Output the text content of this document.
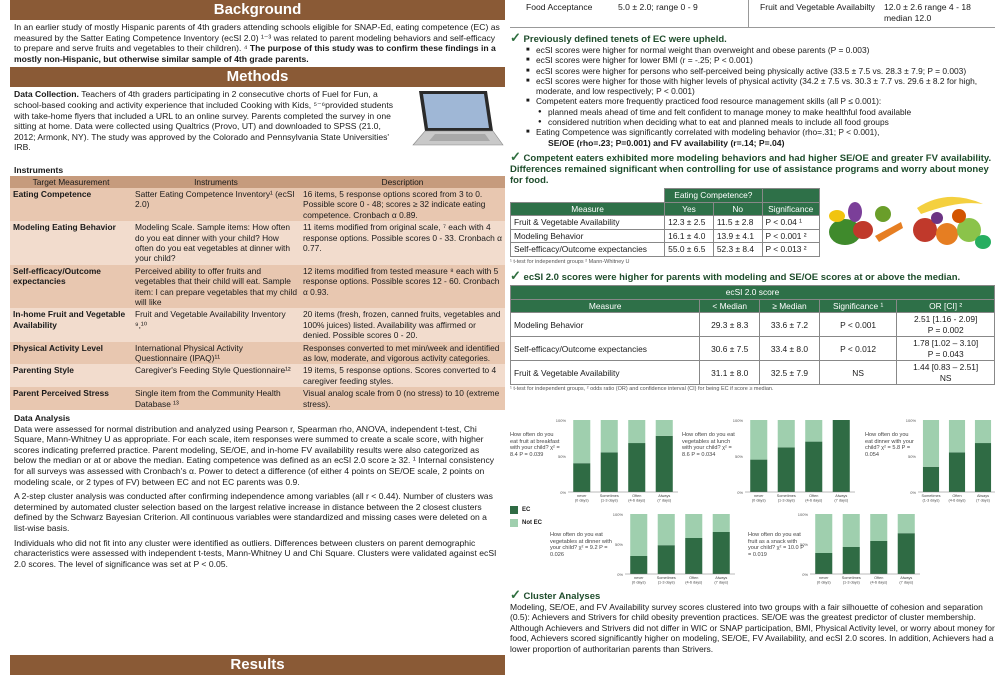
Background

In an earlier study of mostly Hispanic parents of 4th graders attending schools eligible for SNAP-Ed, eating competence (EC) as measured by the Satter Eating Competence Inventory (ecSI 2.0) ¹⁻³ was related to parent modeling behaviors and self-efficacy to prepare and serve fruits and vegetables to their children). ⁴ The purpose of this study was to confirm these findings in a mostly non-Hispanic, but otherwise similar sample of 4th grade parents.

Methods

Data Collection. Teachers of 4th graders participating in 2 consecutive chorts of Fuel for Fun, a school-based cooking and activity experience that included Cooking with Kids, ⁵⁻⁶provided students with take-home flyers that included a URL to an online survey. Parents completed the survey in one sitting at home. Data were collected using Qualtrics (Provo, UT) and downloaded to SPSS (21.0, 2012; Armonk, NY). The study was approved by the Colorado and Pennsylvania State Universities' IRB.

Instruments
Target Measurement	Instruments	Description
Eating Competence	Satter Eating Competence Inventory¹ (ecSI 2.0)	16 items, 5 response options scored from 3 to 0. Possible score 0 - 48; scores ≥ 32 indicate eating competence. Cronbach α 0.89.
Modeling Eating Behavior	Modeling Scale. Sample items: How often do you eat dinner with your child? How often do you eat vegetables at dinner with your child?	11 items modified from original scale, ⁷ each with 4 response options. Possible scores 0 - 33. Cronbach α 0.77.
Self-efficacy/Outcome expectancies	Perceived ability to offer fruits and vegetables that their child will eat. Sample item: I can prepare vegetables that my child will like	12 items modified from tested measure ⁸ each with 5 response options. Possible scores 12 - 60. Cronbach α 0.93.
In-home Fruit and Vegetable Availability	Fruit and Vegetable Availability Inventory ⁹,¹⁰	20 items (fresh, frozen, canned fruits, vegetables and 100% juices) listed. Availability was affirmed or denied. Possible scores 0 - 20.
Physical Activity Level	International Physical Activity Questionnaire (IPAQ)¹¹	Responses converted to met min/week and identified as low, moderate, and vigorous activity categories.
Parenting Style	Caregiver's Feeding Style Questionnaire¹²	19 items, 5 response options. Scores converted to 4 caregiver feeding styles.
Parent Perceived Stress	Single item from the Community Health Database ¹³	Visual analog scale from 0 (no stress) to 10 (extreme stress).
Data Analysis

Data were assessed for normal distribution and analyzed using Pearson r, Spearman rho, ANOVA, independent t-test, Chi Square, Mann-Whitney U as appropriate. For each scale, item responses were summed to create a scale score, with higher scores indicating preferred practice. Parent modeling, SE/OE, and in-home FV availability results were also categorized as below the median or at or above the median. Eating competence was defined as an ecSI 2.0 score ≥ 32. ¹ Internal consistency for all surveys was assessed with Cronbach's α. Power to detect a difference (of either 4 points on SE/OE scale, 2 points on modeling scale, or 2 types of FV) between EC and not EC parents was 0.9.

A 2-step cluster analysis was conducted after confirming independence among variables (all r < 0.44). Number of clusters was determined by automated cluster selection based on the largest relative increase in distance between the 2 closest clusters defined by the Schwarz Bayesian Criterion. All continuous variables were standardized and missing cases were deleted on a list-wise basis.

Individuals who did not fit into any cluster were identified as outliers. Differences between clusters on parent demographic characteristics were assessed with independent t-tests, Mann-Whitney U and Chi Square. Clusters were validated against ecSI 2.0 scores. The level of significance was set at P < 0.05.

Results
Food Acceptance	5.0 ± 2.0; range 0 - 9	Fruit and Vegetable Availabilty 12.0 ± 2.6 range 4 - 18
median 12.0
✓ Previously defined tenets of EC were upheld.
■ ecSI scores were higher for normal weight than overweight and obese parents (P = 0.003)
■ ecSI scores were higher for lower BMI (r = -.25; P < 0.001)
■ ecSI scores were higher for persons who self-perceived being physically active (33.5 ± 7.5 vs. 28.3 ± 7.9; P = 0.003)
■ ecSI scores were higher for those with higher levels of physical activity (34.2 ± 7.5 vs. 30.3 ± 7.7 vs. 29.6 ± 8.2 for high, moderate, and low respectively; P < 0.001)
■ Competent eaters more frequently practiced food resource management skills (all P ≤ 0.001):
● planned meals ahead of time and felt confident to manage money to make healthful food available
● considered nutrition when deciding what to eat and planned meals to include all food groups
■ Eating Competence was significantly correlated with modeling behavior (rho=.31; P < 0.001),
SE/OE (rho=.23; P=0.001) and FV availability (r=.14; P=.04)
✓ Competent eaters exhibited more modeling behaviors and had higher SE/OE and greater FV availability. Differences remained significant when controlling for use of assistance programs and worry about money for food.
	Eating Competence?		
Measure	Yes	No	Significance
Fruit & Vegetable Availability	12.3 ± 2.5	11.5 ± 2.8	P < 0.04 ¹
Modeling Behavior	16.1 ± 4.0	13.9 ± 4.1	P < 0.001 ²
Self-efficacy/Outcome expectancies	55.0 ± 6.5	52.3 ± 8.4	P < 0.013 ²
¹ t-test for independent groups ² Mann-Whitney U
✓ ecSI 2.0 scores were higher for parents with modeling and SE/OE scores at or above the median.
ecSI 2.0 score				
Measure	< Median	≥ Median	Significance ¹	OR [CI] ²
Modeling Behavior	29.3 ± 8.3	33.6 ± 7.2	P < 0.001	2.51 [1.16 - 2.09]
P = 0.002

Self-efficacy/Outcome expectancies	30.6 ± 7.5	33.4 ± 8.0	P < 0.012	1.78 [1.02 – 3.10]
P = 0.043

Fruit & Vegetable Availability	31.1 ± 8.0	32.5 ± 7.9	NS	1.44 [0.83 – 2.51]
NS
¹ t-test for independent groups, ² odds ratio (OR) and confidence interval (CI) for being EC if score ≥ median.
How often do you eat fruit at breakfast with your child? χ² = 8.4 P = 0.039
How often do you eat vegetables at lunch with your child? χ² = 8.6 P = 0.034
How often do you eat dinner with your child? χ² = 5.8 P = 0.054
How often do you eat vegetables at dinner with your child? χ² = 9.2 P = 0.026
How often do you eat fruit as a snack with your child? χ² = 10.0 P = 0.019
EC
Not EC
0%
50%
100%
never
(0 days)
Sometimes
(1-3 days)
Often
(4-6 days)
Always
(7 days)
0%
50%
100%
never
(0 days)
Sometimes
(1-3 days)
Often
(4-6 days)
Always
(7 days)
0%
50%
100%
Sometimes
(1-3 days)
Often
(4-6 days)
Always
(7 days)
0%
50%
100%
never
(0 days)
Sometimes
(1-3 days)
Often
(4-6 days)
Always
(7 days)
0%
50%
100%
never
(0 days)
Sometimes
(1-3 days)
Often
(4-6 days)
Always
(7 days)
✓ Cluster Analyses

Modeling, SE/OE, and FV Availability survey scores clustered into two groups with a fair silhouette of cohesion and separation (0.5): Achievers and Strivers for child obesity prevention practices. SE/OE was the greatest predictor of cluster membership. Although Achievers and Strivers did not differ in WIC or SNAP participation, BMI, Physical Activity level, or worry about money for food, Achievers scored significantly higher on modeling, SE/OE, FV Availability, and ecSI 2.0 scores. In addition, Achievers had a lower proportion of authoritarian parents than Strivers.
